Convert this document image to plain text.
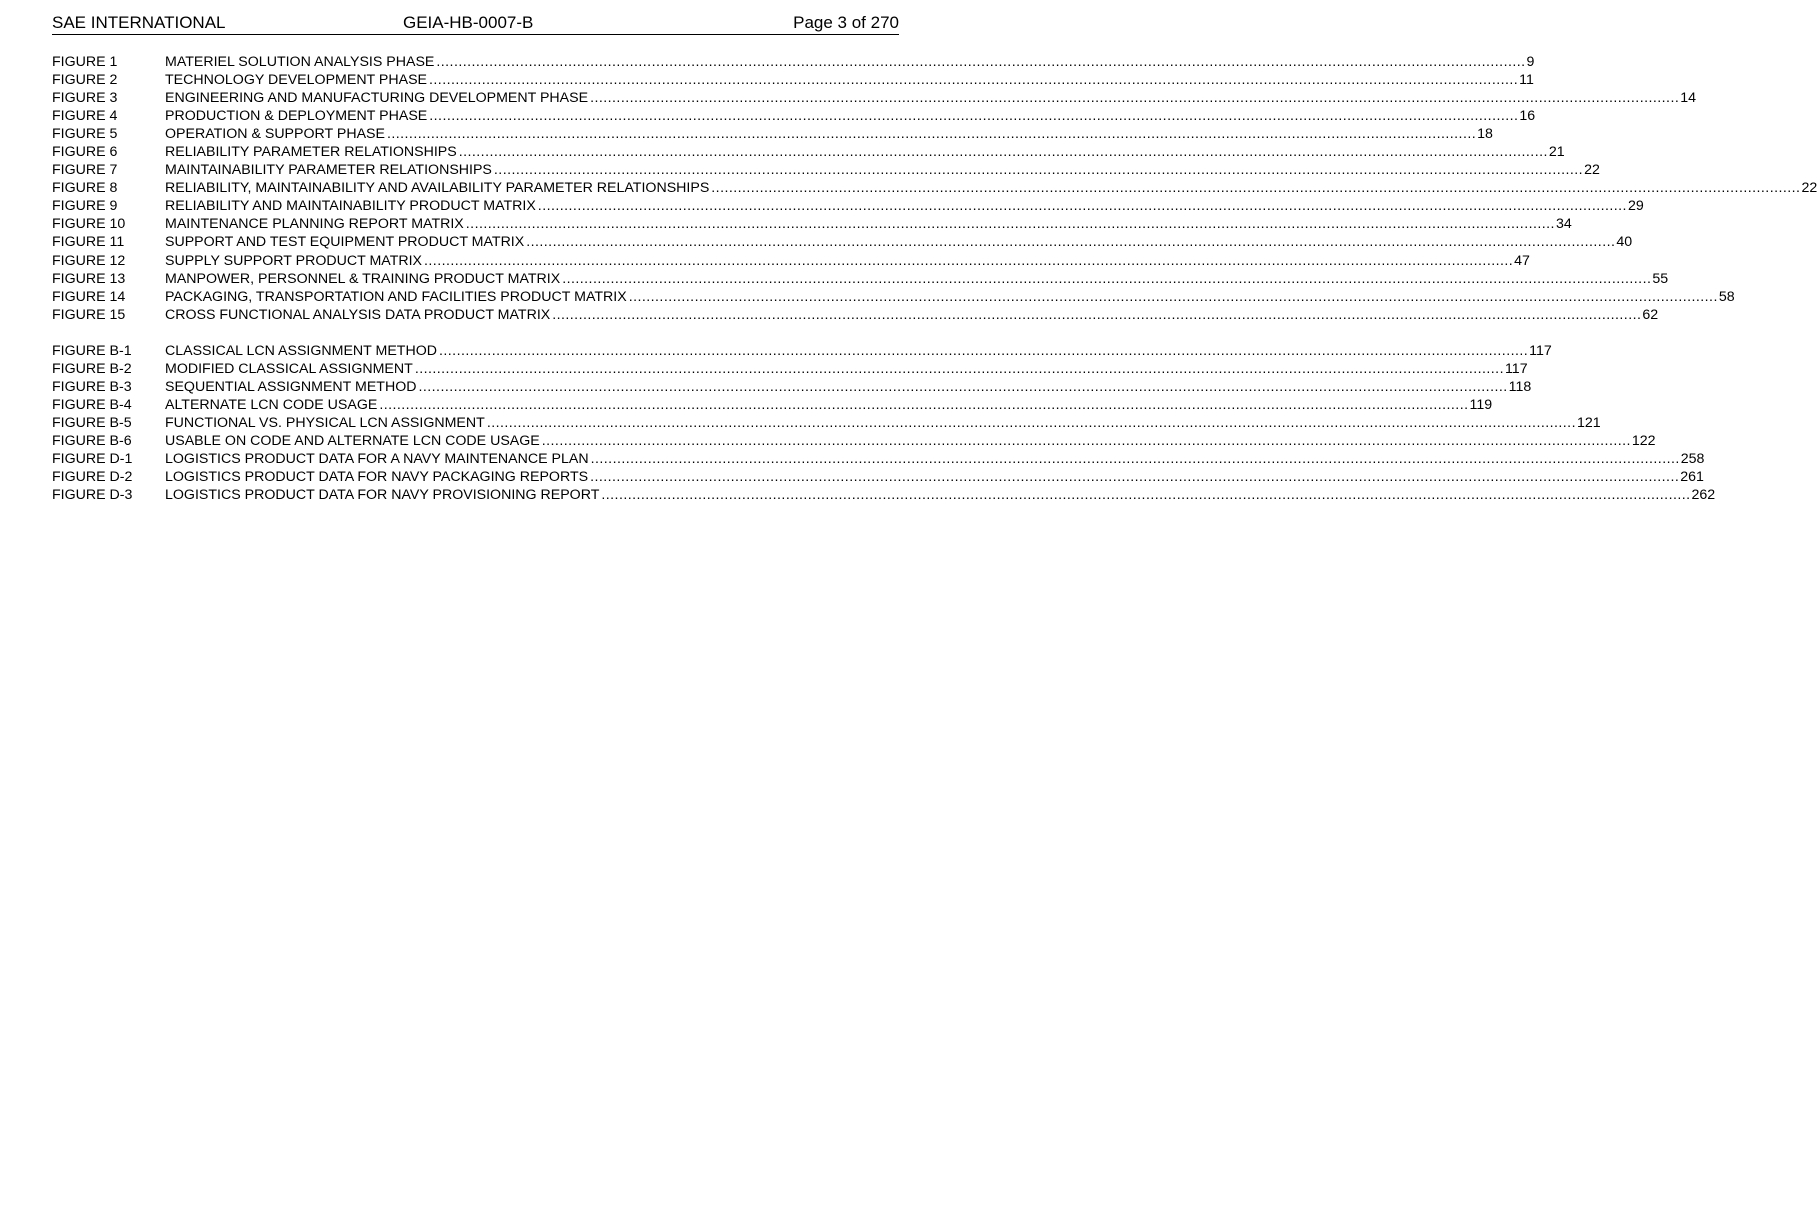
SAE INTERNATIONAL	GEIA-HB-0007-B	Page 3 of 270
FIGURE 1	MATERIEL SOLUTION ANALYSIS PHASE .....	9
FIGURE 2	TECHNOLOGY DEVELOPMENT PHASE .....	11
FIGURE 3	ENGINEERING AND MANUFACTURING DEVELOPMENT PHASE .....	14
FIGURE 4	PRODUCTION & DEPLOYMENT PHASE .....	16
FIGURE 5	OPERATION & SUPPORT PHASE .....	18
FIGURE 6	RELIABILITY PARAMETER RELATIONSHIPS .....	21
FIGURE 7	MAINTAINABILITY PARAMETER RELATIONSHIPS .....	22
FIGURE 8	RELIABILITY, MAINTAINABILITY AND AVAILABILITY PARAMETER RELATIONSHIPS .....	22
FIGURE 9	RELIABILITY AND MAINTAINABILITY PRODUCT MATRIX .....	29
FIGURE 10	MAINTENANCE PLANNING REPORT MATRIX .....	34
FIGURE 11	SUPPORT AND TEST EQUIPMENT PRODUCT MATRIX .....	40
FIGURE 12	SUPPLY SUPPORT PRODUCT MATRIX .....	47
FIGURE 13	MANPOWER, PERSONNEL & TRAINING PRODUCT MATRIX .....	55
FIGURE 14	PACKAGING, TRANSPORTATION AND FACILITIES PRODUCT MATRIX .....	58
FIGURE 15	CROSS FUNCTIONAL ANALYSIS DATA PRODUCT MATRIX .....	62
FIGURE B-1	CLASSICAL LCN ASSIGNMENT METHOD .....	117
FIGURE B-2	MODIFIED CLASSICAL ASSIGNMENT .....	117
FIGURE B-3	SEQUENTIAL ASSIGNMENT METHOD .....	118
FIGURE B-4	ALTERNATE LCN CODE USAGE .....	119
FIGURE B-5	FUNCTIONAL VS. PHYSICAL LCN ASSIGNMENT .....	121
FIGURE B-6	USABLE ON CODE AND ALTERNATE LCN CODE USAGE .....	122
FIGURE D-1	LOGISTICS PRODUCT DATA FOR A NAVY MAINTENANCE PLAN .....	258
FIGURE D-2	LOGISTICS PRODUCT DATA FOR NAVY PACKAGING REPORTS .....	261
FIGURE D-3	LOGISTICS PRODUCT DATA FOR NAVY PROVISIONING REPORT .....	262
